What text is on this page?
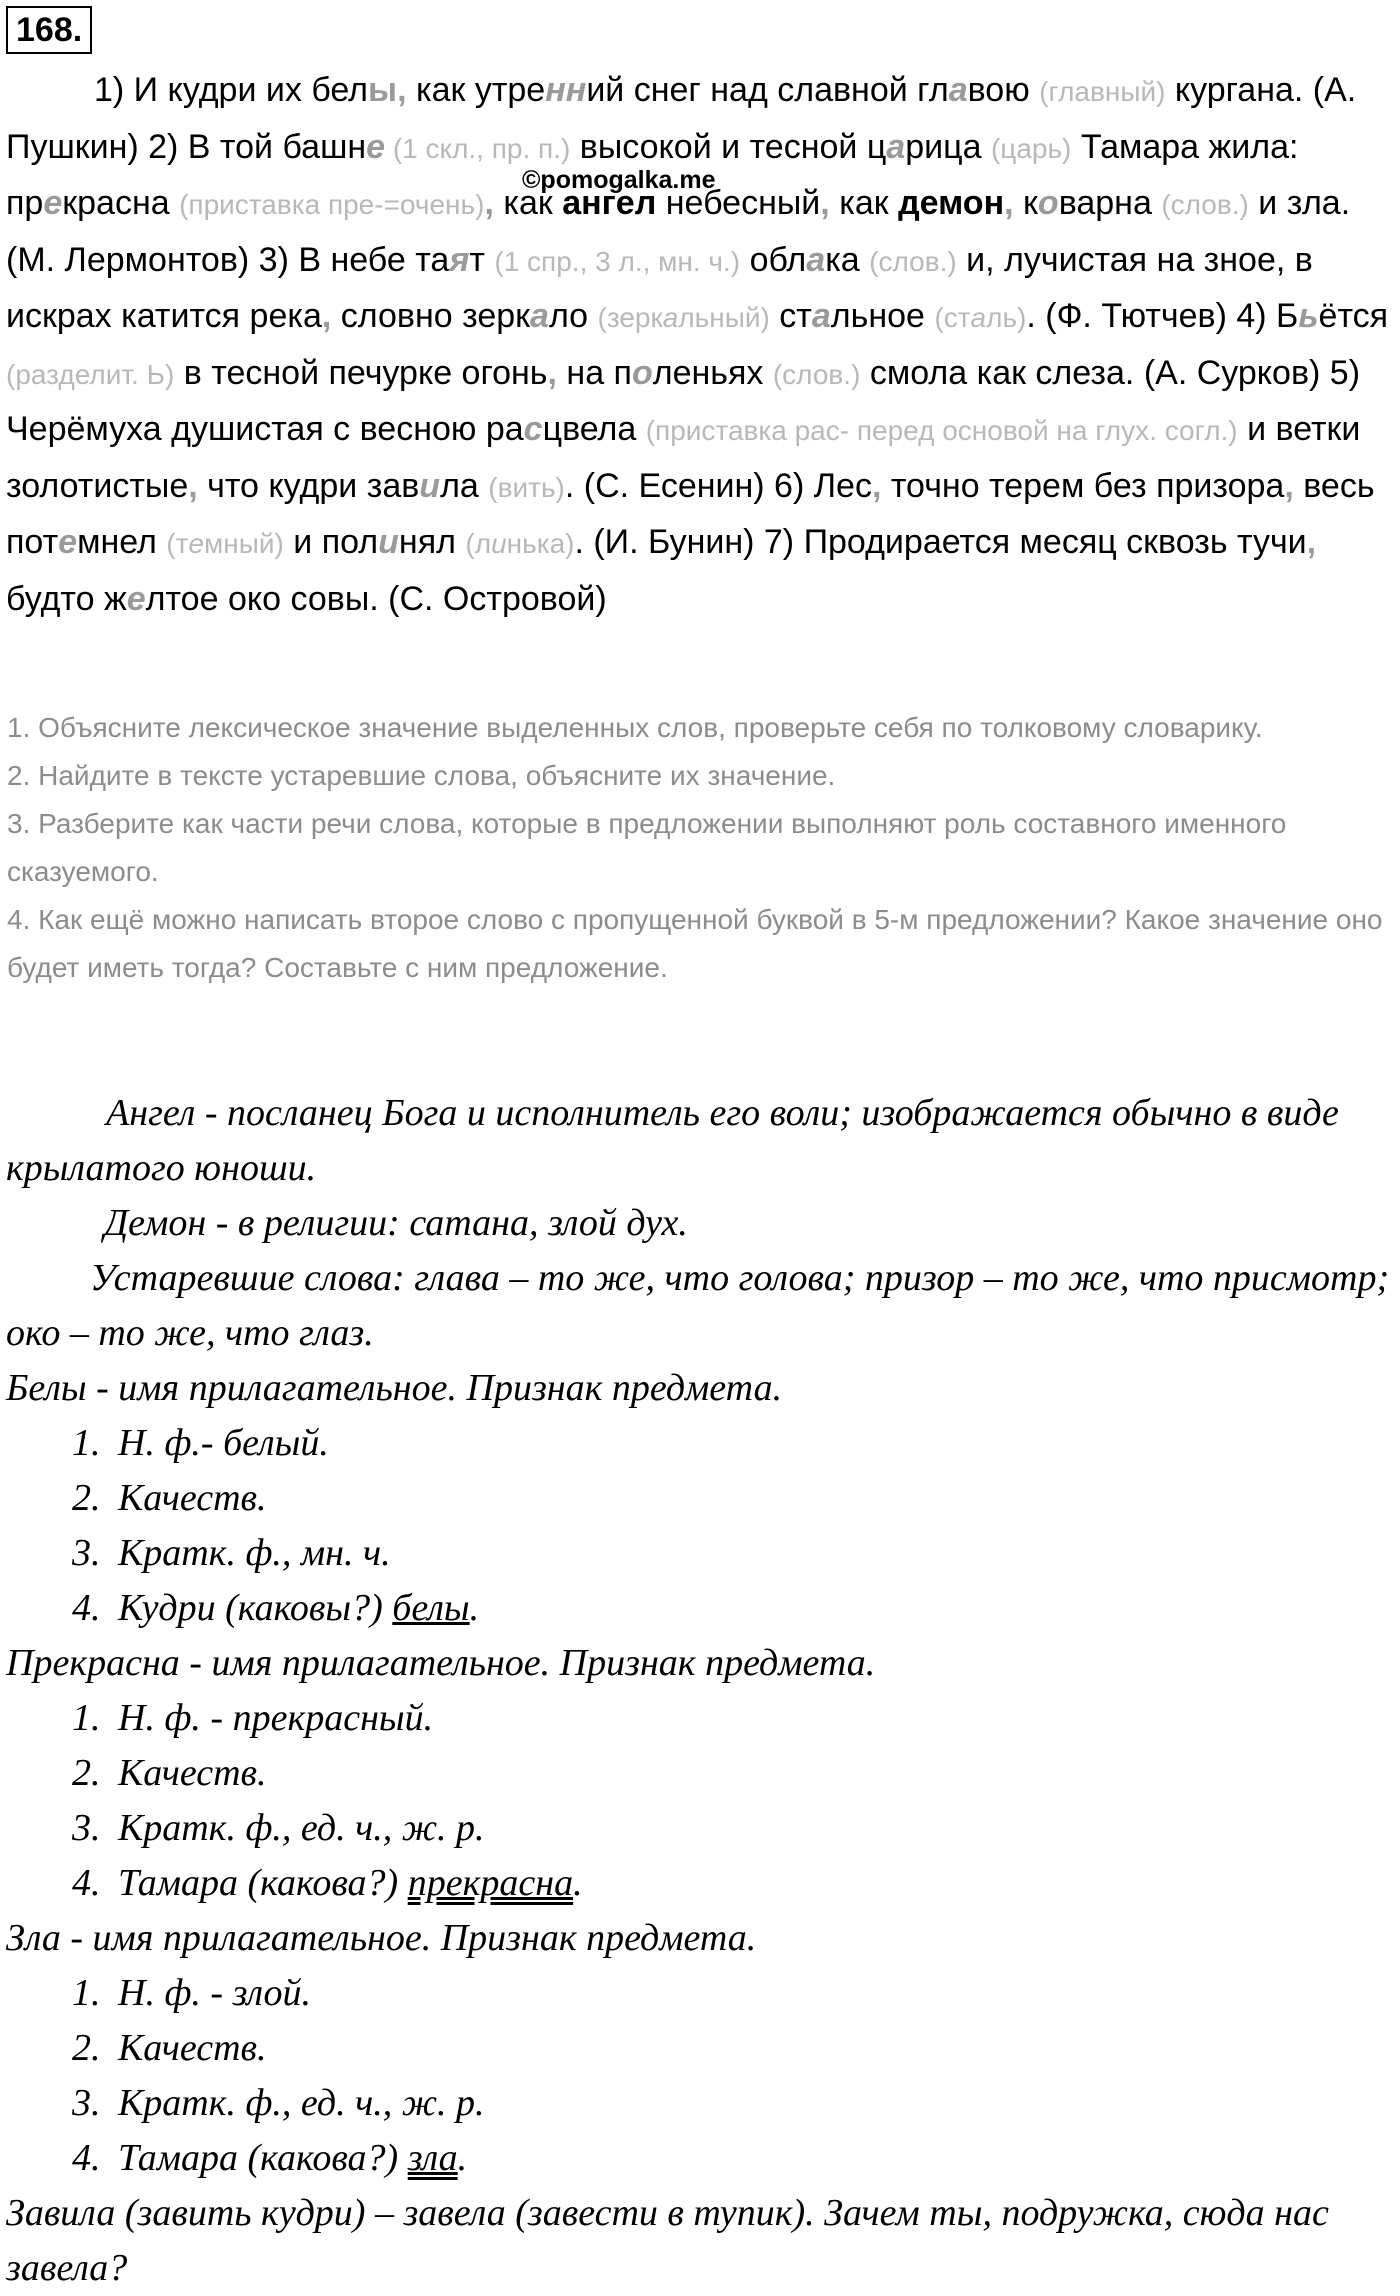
168.
©pomogalka.me
1) И кудри их белы, как утренний снег над славной главою (главный) кургана. (А. Пушкин) 2) В той башне (1 скл., пр. п.) высокой и тесной царица (царь) Тамара жила: прекрасна (приставка пре-=очень), как ангел небесный, как демон, коварна (слов.) и зла. (М. Лермонтов) 3) В небе таят (1 спр., 3 л., мн. ч.) облака (слов.) и, лучистая на зное, в искрах катится река, словно зеркало (зеркальный) стальное (сталь). (Ф. Тютчев) 4) Бьётся (разделит. Ь) в тесной печурке огонь, на поленьях (слов.) смола как слеза. (А. Сурков) 5) Черёмуха душистая с весною расцвела (приставка рас- перед основой на глух. согл.) и ветки золотистые, что кудри завила (вить). (С. Есенин) 6) Лес, точно терем без призора, весь потемнел (темный) и полинял (линька). (И. Бунин) 7) Продирается месяц сквозь тучи, будто желтое око совы. (С. Островой)
1. Объясните лексическое значение выделенных слов, проверьте себя по толковому словарику.
2. Найдите в тексте устаревшие слова, объясните их значение.
3. Разберите как части речи слова, которые в предложении выполняют роль составного именного сказуемого.
4. Как ещё можно написать второе слово с пропущенной буквой в 5-м предложении? Какое значение оно будет иметь тогда? Составьте с ним предложение.
Ангел - посланец Бога и исполнитель его воли; изображается обычно в виде крылатого юноши.
Демон - в религии: сатана, злой дух.
Устаревшие слова: глава – то же, что голова; призор – то же, что присмотр; око – то же, что глаз.
Белы - имя прилагательное. Признак предмета.
1. Н. ф.- белый.
2. Качеств.
3. Кратк. ф., мн. ч.
4. Кудри (каковы?) белы.
Прекрасна - имя прилагательное. Признак предмета.
1. Н. ф. - прекрасный.
2. Качеств.
3. Кратк. ф., ед. ч., ж. р.
4. Тамара (какова?) прекрасна.
Зла - имя прилагательное. Признак предмета.
1. Н. ф. - злой.
2. Качеств.
3. Кратк. ф., ед. ч., ж. р.
4. Тамара (какова?) зла.
Завила (завить кудри) – завела (завести в тупик). Зачем ты, подружка, сюда нас завела?
